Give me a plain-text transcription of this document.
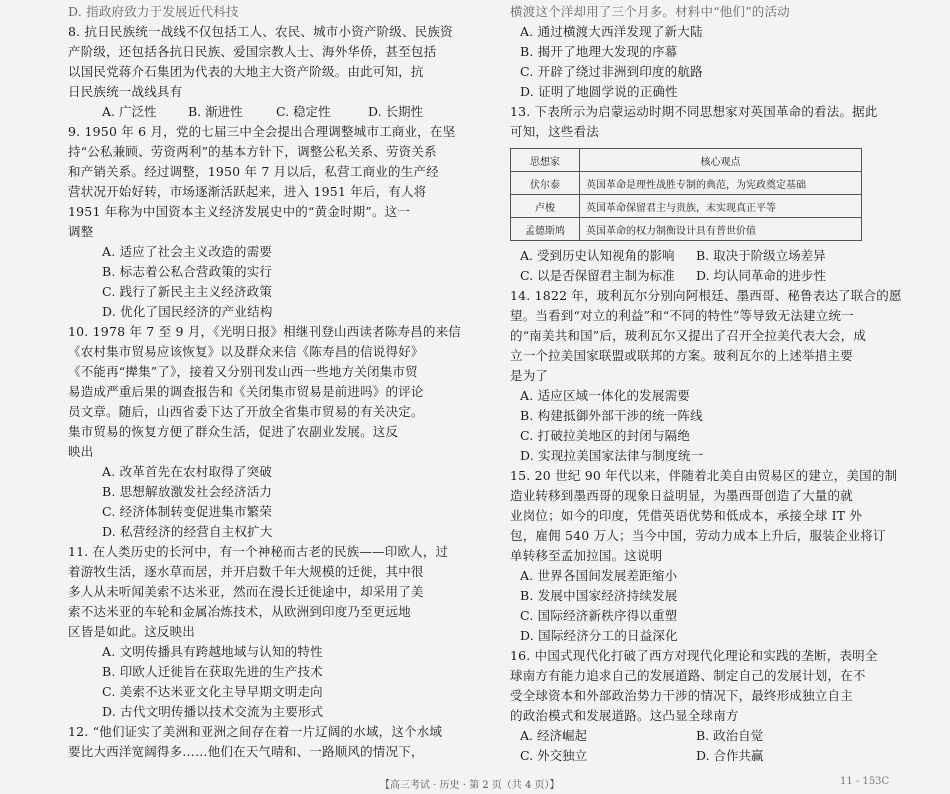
D. 指政府致力于发展近代科技
8. 抗日民族统一战线不仅包括工人、农民、城市小资产阶级、民族资
产阶级，还包括各抗日民族、爱国宗教人士、海外华侨，甚至包括
以国民党蒋介石集团为代表的大地主大资产阶级。由此可知，抗
日民族统一战线具有
A. 广泛性	B. 渐进性	C. 稳定性	D. 长期性
9. 1950 年 6 月，党的七届三中全会提出合理调整城市工商业，在坚
持“公私兼顾、劳资两利”的基本方针下，调整公私关系、劳资关系
和产销关系。经过调整，1950 年 7 月以后，私营工商业的生产经
营状况开始好转，市场逐渐活跃起来，进入 1951 年后，有人将
1951 年称为中国资本主义经济发展史中的“黄金时期”。这一
调整
A. 适应了社会主义改造的需要
B. 标志着公私合营政策的实行
C. 践行了新民主主义经济政策
D. 优化了国民经济的产业结构
10. 1978 年 7 至 9 月，《光明日报》相继刊登山西读者陈寿昌的来信
《农村集市贸易应该恢复》以及群众来信《陈寿昌的信说得好》
《不能再“撵集”了》，接着又分别刊发山西一些地方关闭集市贸
易造成严重后果的调查报告和《关闭集市贸易是前进吗》的评论
员文章。随后，山西省委下达了开放全省集市贸易的有关决定。
集市贸易的恢复方便了群众生活，促进了农副业发展。这反
映出
A. 改革首先在农村取得了突破
B. 思想解放激发社会经济活力
C. 经济体制转变促进集市繁荣
D. 私营经济的经营自主权扩大
11. 在人类历史的长河中，有一个神秘而古老的民族——印欧人，过
着游牧生活，逐水草而居，并开启数千年大规模的迁徙，其中很
多人从未听闻美索不达米亚，然而在漫长迁徙途中，却采用了美
索不达米亚的车轮和金属冶炼技术，从欧洲到印度乃至更远地
区皆是如此。这反映出
A. 文明传播具有跨越地域与认知的特性
B. 印欧人迁徙旨在获取先进的生产技术
C. 美索不达米亚文化主导早期文明走向
D. 古代文明传播以技术交流为主要形式
12. “他们证实了美洲和亚洲之间存在着一片辽阔的水域，这个水域
要比大西洋宽阔得多……他们在天气晴和、一路顺风的情况下，
横渡这个洋却用了三个月多。材料中“他们”的活动
A. 通过横渡大西洋发现了新大陆
B. 揭开了地理大发现的序幕
C. 开辟了绕过非洲到印度的航路
D. 证明了地圆学说的正确性
13. 下表所示为启蒙运动时期不同思想家对英国革命的看法。据此
可知，这些看法
思想家	核心观点
伏尔泰	英国革命是理性战胜专制的典范，为宪政奠定基础
卢梭	英国革命保留君主与贵族，未实现真正平等
孟德斯鸠	英国革命的权力制衡设计具有普世价值
A. 受到历史认知视角的影响 B. 取决于阶级立场差异
C. 以是否保留君主制为标准 D. 均认同革命的进步性
14. 1822 年，玻利瓦尔分别向阿根廷、墨西哥、秘鲁表达了联合的愿
望。当看到“对立的利益”和“不同的特性”等导致无法建立统一
的“南美共和国”后，玻利瓦尔又提出了召开全拉美代表大会，成
立一个拉美国家联盟或联邦的方案。玻利瓦尔的上述举措主要
是为了
A. 适应区域一体化的发展需要
B. 构建抵御外部干涉的统一阵线
C. 打破拉美地区的封闭与隔绝
D. 实现拉美国家法律与制度统一
15. 20 世纪 90 年代以来，伴随着北美自由贸易区的建立，美国的制
造业转移到墨西哥的现象日益明显，为墨西哥创造了大量的就
业岗位；如今的印度，凭借英语优势和低成本，承接全球 IT 外
包，雇佣 540 万人；当今中国，劳动力成本上升后，服装企业将订
单转移至孟加拉国。这说明
A. 世界各国间发展差距缩小
B. 发展中国家经济持续发展
C. 国际经济新秩序得以重塑
D. 国际经济分工的日益深化
16. 中国式现代化打破了西方对现代化理论和实践的垄断，表明全
球南方有能力追求自己的发展道路、制定自己的发展计划，在不
受全球资本和外部政治势力干涉的情况下，最终形成独立自主
的政治模式和发展道路。这凸显全球南方
A. 经济崛起	B. 政治自觉
C. 外交独立	D. 合作共赢
【高三考试 · 历史 · 第 2 页（共 4 页）】	11 - 153C
